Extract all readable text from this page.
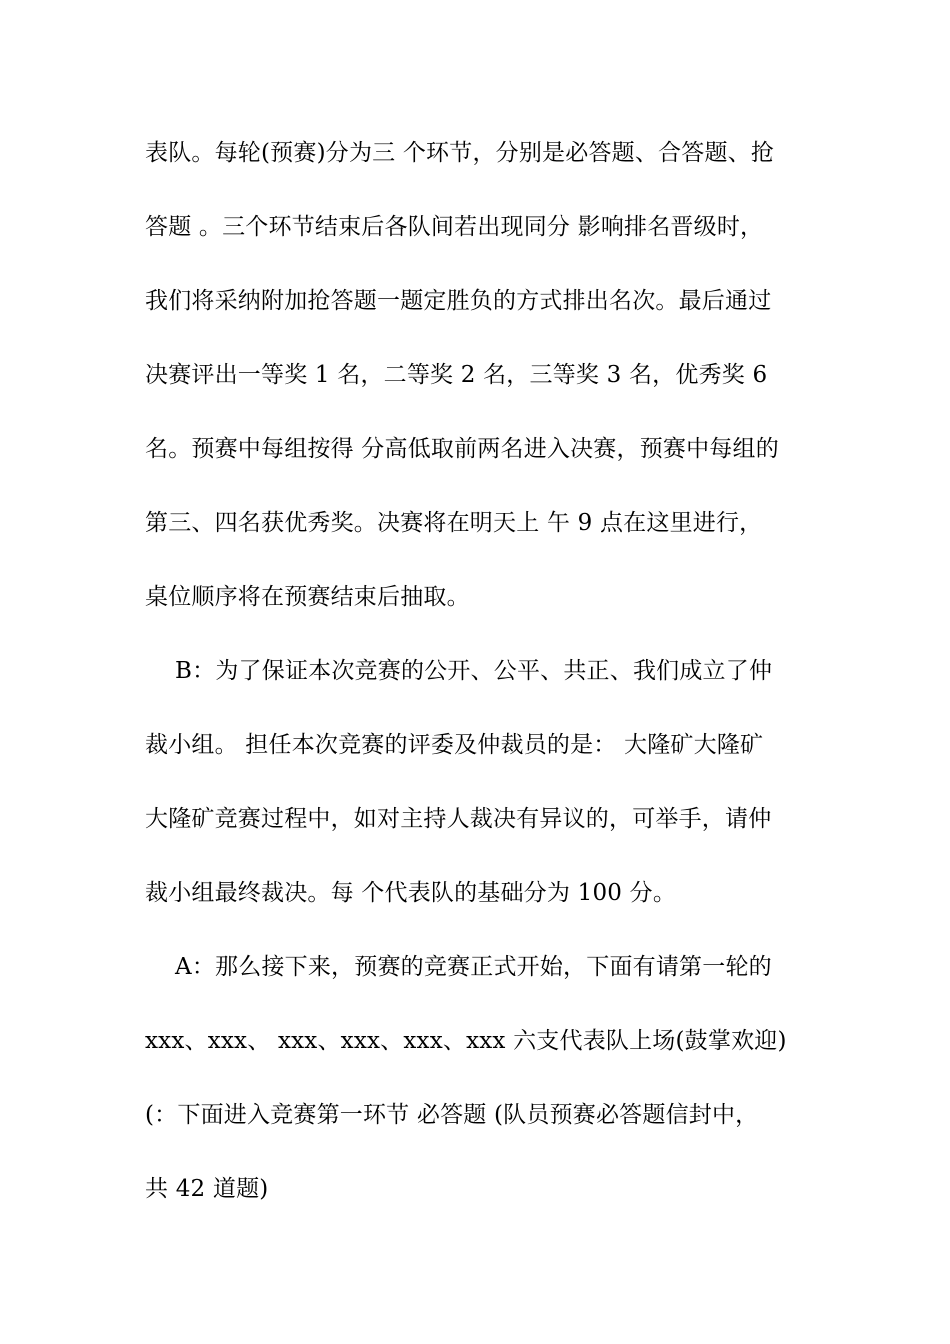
表队。每轮(预赛)分为三 个环节，分别是必答题、合答题、抢
答题 。三个环节结束后各队间若出现同分 影响排名晋级时，
我们将采纳附加抢答题一题定胜负的方式排出名次。最后通过
决赛评出一等奖 1 名，二等奖 2 名，三等奖 3 名，优秀奖 6
名。预赛中每组按得 分高低取前两名进入决赛，预赛中每组的
第三、四名获优秀奖。决赛将在明天上 午 9 点在这里进行，
桌位顺序将在预赛结束后抽取。
B：为了保证本次竞赛的公开、公平、共正、我们成立了仲
裁小组。 担任本次竞赛的评委及仲裁员的是： 大隆矿大隆矿
大隆矿竞赛过程中，如对主持人裁决有异议的，可举手，请仲
裁小组最终裁决。每 个代表队的基础分为 100 分。
A：那么接下来，预赛的竞赛正式开始，下面有请第一轮的
xxx、xxx、 xxx、xxx、xxx、xxx 六支代表队上场(鼓掌欢迎)
(：下面进入竞赛第一环节 必答题 (队员预赛必答题信封中，
共 42 道题)
